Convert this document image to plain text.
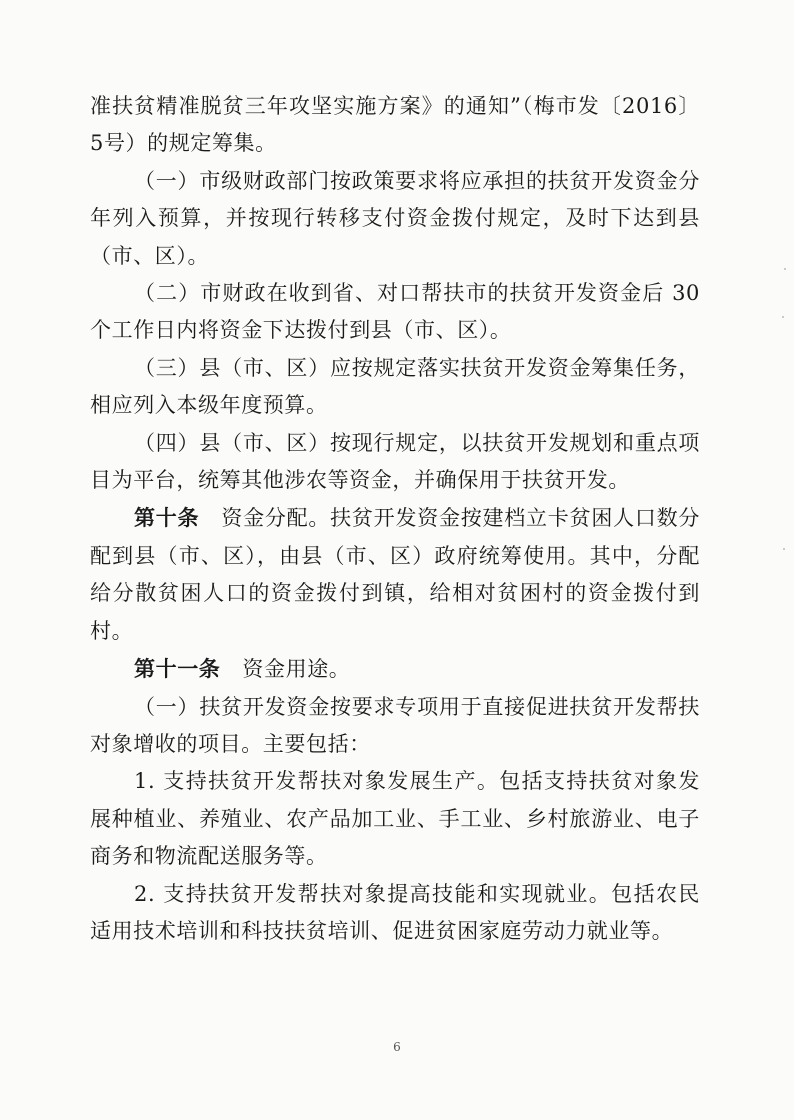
准扶贫精准脱贫三年攻坚实施方案》的通知”（梅市发〔2016〕5号）的规定筹集。

（一）市级财政部门按政策要求将应承担的扶贫开发资金分年列入预算，并按现行转移支付资金拨付规定，及时下达到县（市、区）。

（二）市财政在收到省、对口帮扶市的扶贫开发资金后 30 个工作日内将资金下达拨付到县（市、区）。

（三）县（市、区）应按规定落实扶贫开发资金筹集任务，相应列入本级年度预算。

（四）县（市、区）按现行规定，以扶贫开发规划和重点项目为平台，统筹其他涉农等资金，并确保用于扶贫开发。

第十条 资金分配。扶贫开发资金按建档立卡贫困人口数分配到县（市、区），由县（市、区）政府统筹使用。其中，分配给分散贫困人口的资金拨付到镇，给相对贫困村的资金拨付到村。

第十一条 资金用途。

（一）扶贫开发资金按要求专项用于直接促进扶贫开发帮扶对象增收的项目。主要包括：

1. 支持扶贫开发帮扶对象发展生产。包括支持扶贫对象发展种植业、养殖业、农产品加工业、手工业、乡村旅游业、电子商务和物流配送服务等。

2. 支持扶贫开发帮扶对象提高技能和实现就业。包括农民适用技术培训和科技扶贫培训、促进贫困家庭劳动力就业等。

6
